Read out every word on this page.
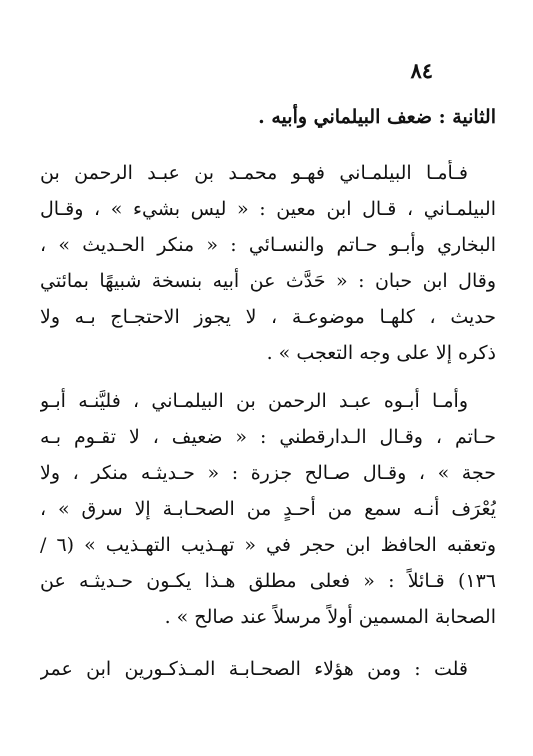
٨٤
الثانية : ضعف البيلماني وأبيه .
فـأمـا البيلمـاني فهـو محمـد بن عبـد الرحمن بن
البيلمـاني ، قـال ابن معين : « ليس بشيء » ، وقـال
البخاري وأبـو حـاتم والنسـائي : « منكر الحـديث » ،
وقال ابن حبان : « حَدَّث عن أبيه بنسخة شبيهًا بمائتي
حديث ، كلهـا موضوعـة ، لا يجوز الاحتجـاج بـه ولا
ذكره إلا على وجه التعجب » .
وأمـا أبـوه عبـد الرحمن بن البيلمـاني ، فليَّنـه أبـو
حـاتم ، وقـال الـدارقطني : « ضعيف ، لا تقـوم بـه
حجة » ، وقـال صـالح جزرة : « حـديثـه منكر ، ولا
يُعْرَف أنـه سمع من أحـدٍ من الصحـابـة إلا سرق » ،
وتعقبه الحافظ ابن حجر في « تهـذيب التهـذيب » (٦ /
١٣٦) قـائلاً : « فعلى مطلق هـذا يكـون حـديثـه عن
الصحابة المسمين أولاً مرسلاً عند صالح » .
قلت : ومن هؤلاء الصحـابـة المـذكـورين ابن عمر
